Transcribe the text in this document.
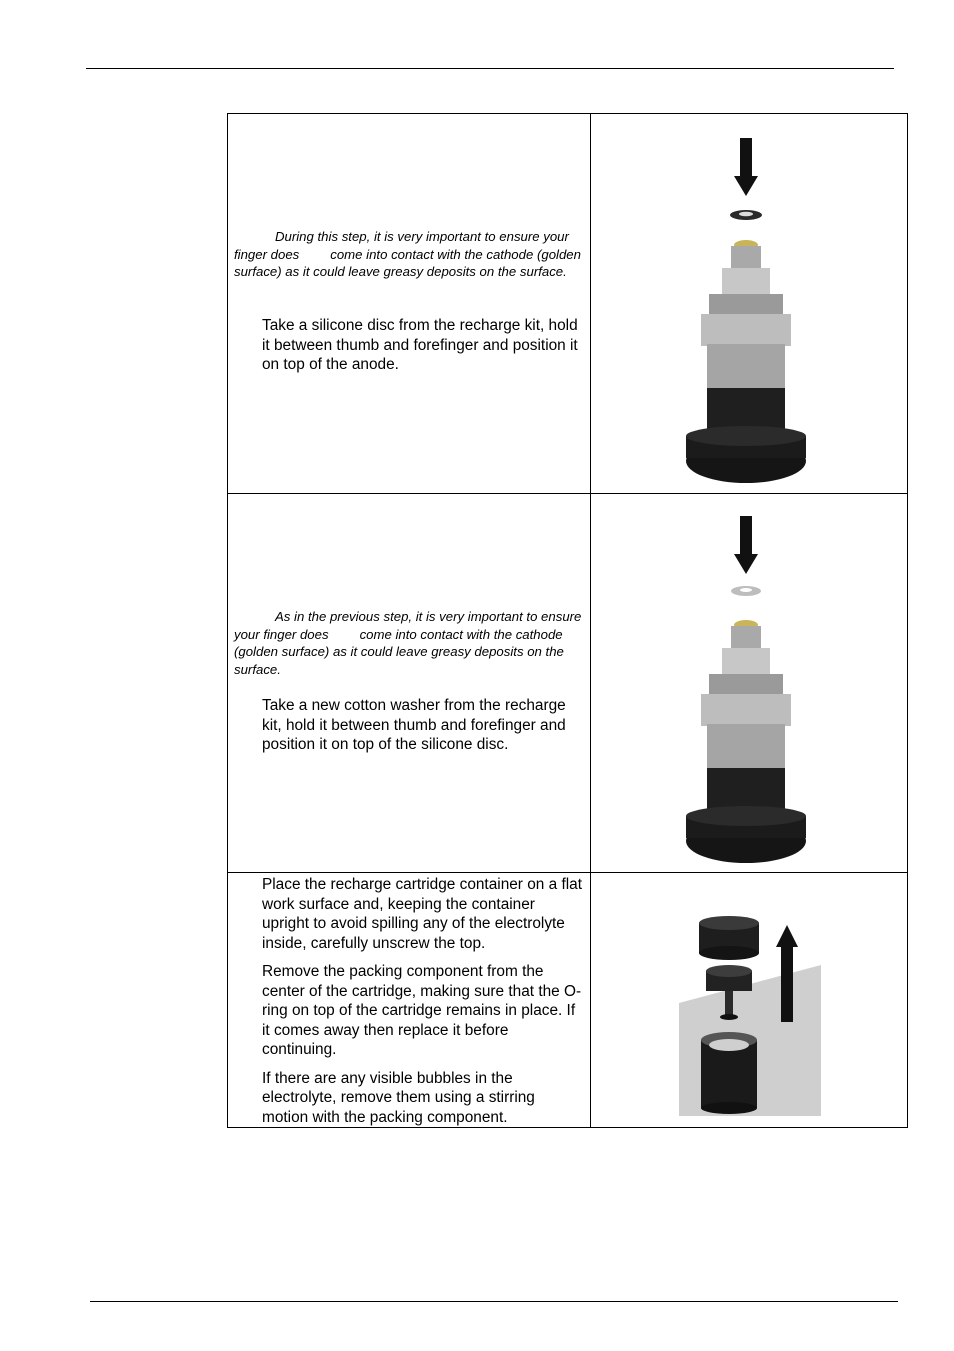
During this step, it is very important to ensure your finger does come into contact with the cathode (golden surface) as it could leave greasy deposits on the surface.
Take a silicone disc from the recharge kit, hold it between thumb and forefinger and position it on top of the anode.
As in the previous step, it is very important to ensure your finger does come into contact with the cathode (golden surface) as it could leave greasy deposits on the surface.
Take a new cotton washer from the recharge kit, hold it between thumb and forefinger and position it on top of the silicone disc.

Place the recharge cartridge container on a flat work surface and, keeping the container upright to avoid spilling any of the electrolyte inside, carefully unscrew the top.

Remove the packing component from the center of the cartridge, making sure that the O-ring on top of the cartridge remains in place. If it comes away then replace it before continuing.

If there are any visible bubbles in the electrolyte, remove them using a stirring motion with the packing component.
